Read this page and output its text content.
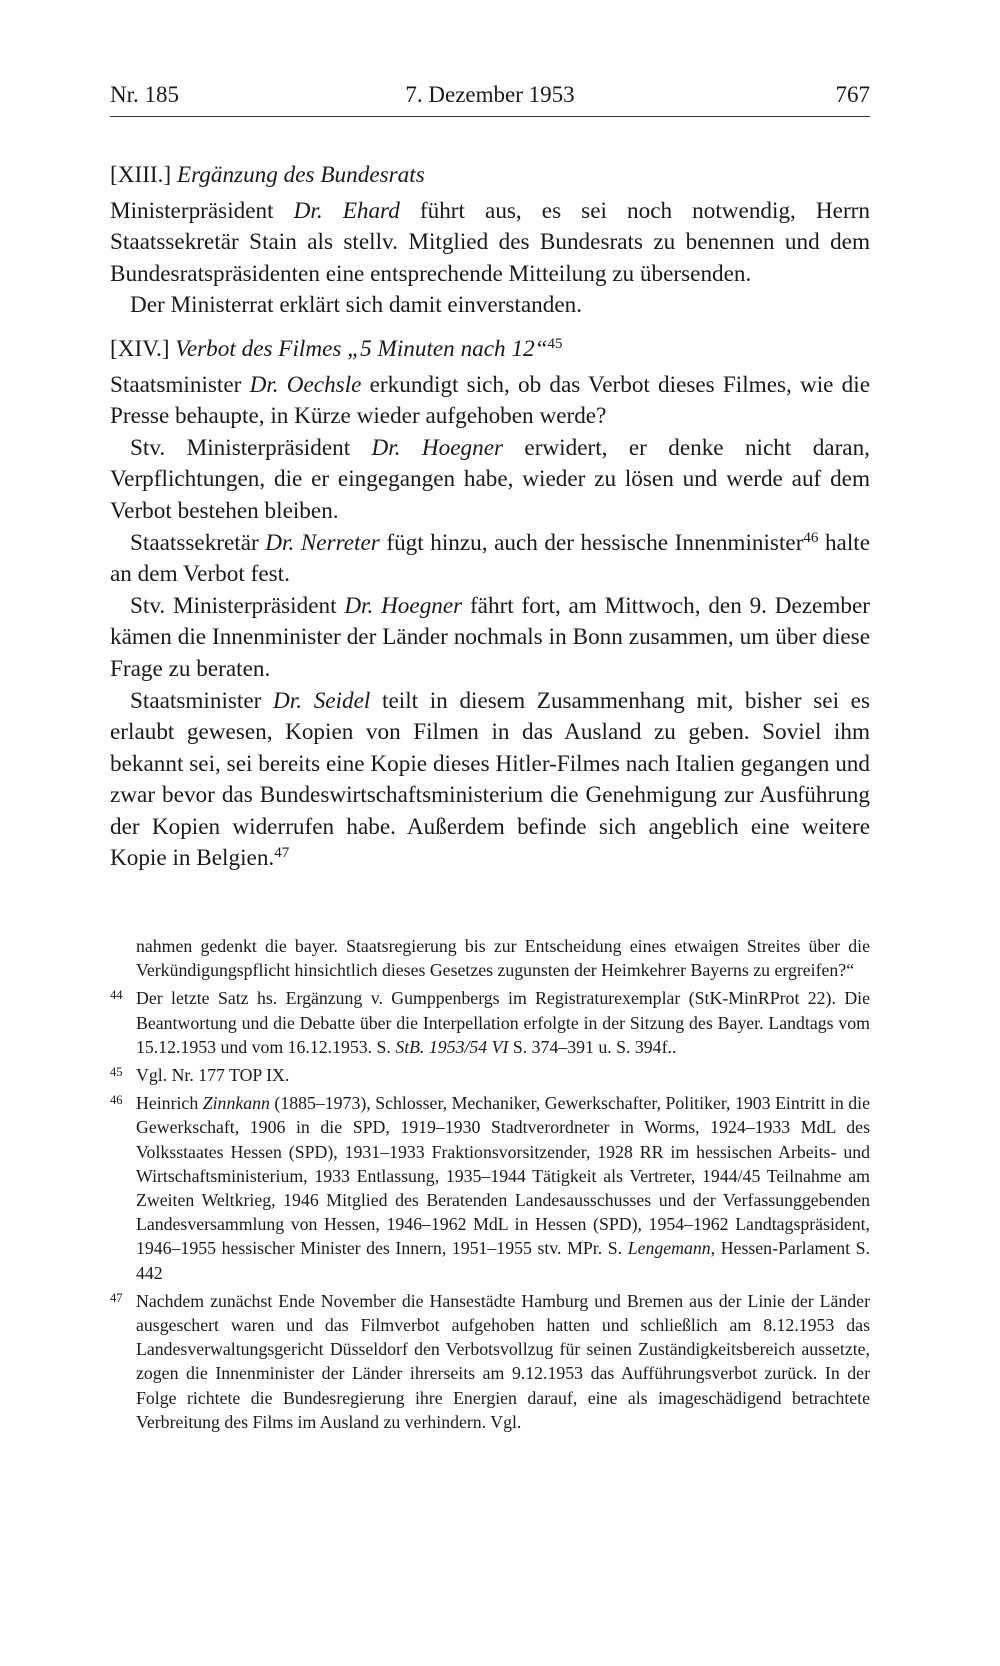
Nr. 185	7. Dezember 1953	767

[XIII.] Ergänzung des Bundesrats

Ministerpräsident Dr. Ehard führt aus, es sei noch notwendig, Herrn Staatssekretär Stain als stellv. Mitglied des Bundesrats zu benennen und dem Bundesratspräsidenten eine entsprechende Mitteilung zu übersenden.

Der Ministerrat erklärt sich damit einverstanden.

[XIV.] Verbot des Filmes „5 Minuten nach 12“$^{45}$

Staatsminister Dr. Oechsle erkundigt sich, ob das Verbot dieses Filmes, wie die Presse behaupte, in Kürze wieder aufgehoben werde?

Stv. Ministerpräsident Dr. Hoegner erwidert, er denke nicht daran, Verpflichtungen, die er eingegangen habe, wieder zu lösen und werde auf dem Verbot bestehen bleiben.

Staatssekretär Dr. Nerreter fügt hinzu, auch der hessische Innenminister$^{46}$ halte an dem Verbot fest.

Stv. Ministerpräsident Dr. Hoegner fährt fort, am Mittwoch, den 9. Dezember kämen die Innenminister der Länder nochmals in Bonn zusammen, um über diese Frage zu beraten.

Staatsminister Dr. Seidel teilt in diesem Zusammenhang mit, bisher sei es erlaubt gewesen, Kopien von Filmen in das Ausland zu geben. Soviel ihm bekannt sei, sei bereits eine Kopie dieses Hitler-Filmes nach Italien gegangen und zwar bevor das Bundeswirtschaftsministerium die Genehmigung zur Ausführung der Kopien widerrufen habe. Außerdem befinde sich angeblich eine weitere Kopie in Belgien.$^{47}$

nahmen gedenkt die bayer. Staatsregierung bis zur Entscheidung eines etwaigen Streites über die Verkündigungspflicht hinsichtlich dieses Gesetzes zugunsten der Heimkehrer Bayerns zu ergreifen?“

44 Der letzte Satz hs. Ergänzung v. Gumppenbergs im Registraturexemplar (StK-MinRProt 22). Die Beantwortung und die Debatte über die Interpellation erfolgte in der Sitzung des Bayer. Landtags vom 15.12.1953 und vom 16.12.1953. S. StB. 1953/54 VI S. 374–391 u. S. 394f..

45 Vgl. Nr. 177 TOP IX.

46 Heinrich Zinnkann (1885–1973), Schlosser, Mechaniker, Gewerkschafter, Politiker, 1903 Eintritt in die Gewerkschaft, 1906 in die SPD, 1919–1930 Stadtverordneter in Worms, 1924–1933 MdL des Volksstaates Hessen (SPD), 1931–1933 Fraktionsvorsitzender, 1928 RR im hessischen Arbeits- und Wirtschaftsministerium, 1933 Entlassung, 1935–1944 Tätigkeit als Vertreter, 1944/45 Teilnahme am Zweiten Weltkrieg, 1946 Mitglied des Beratenden Landesausschusses und der Verfassunggebenden Landesversammlung von Hessen, 1946–1962 MdL in Hessen (SPD), 1954–1962 Landtagspräsident, 1946–1955 hessischer Minister des Innern, 1951–1955 stv. MPr. S. Lengemann, Hessen-Parlament S. 442

47 Nachdem zunächst Ende November die Hansestädte Hamburg und Bremen aus der Linie der Länder ausgeschert waren und das Filmverbot aufgehoben hatten und schließlich am 8.12.1953 das Landesverwaltungsgericht Düsseldorf den Verbotsvollzug für seinen Zuständigkeitsbereich aussetzte, zogen die Innenminister der Länder ihrerseits am 9.12.1953 das Aufführungsverbot zurück. In der Folge richtete die Bundesregierung ihre Energien darauf, eine als imageschädigend betrachtete Verbreitung des Films im Ausland zu verhindern. Vgl.
